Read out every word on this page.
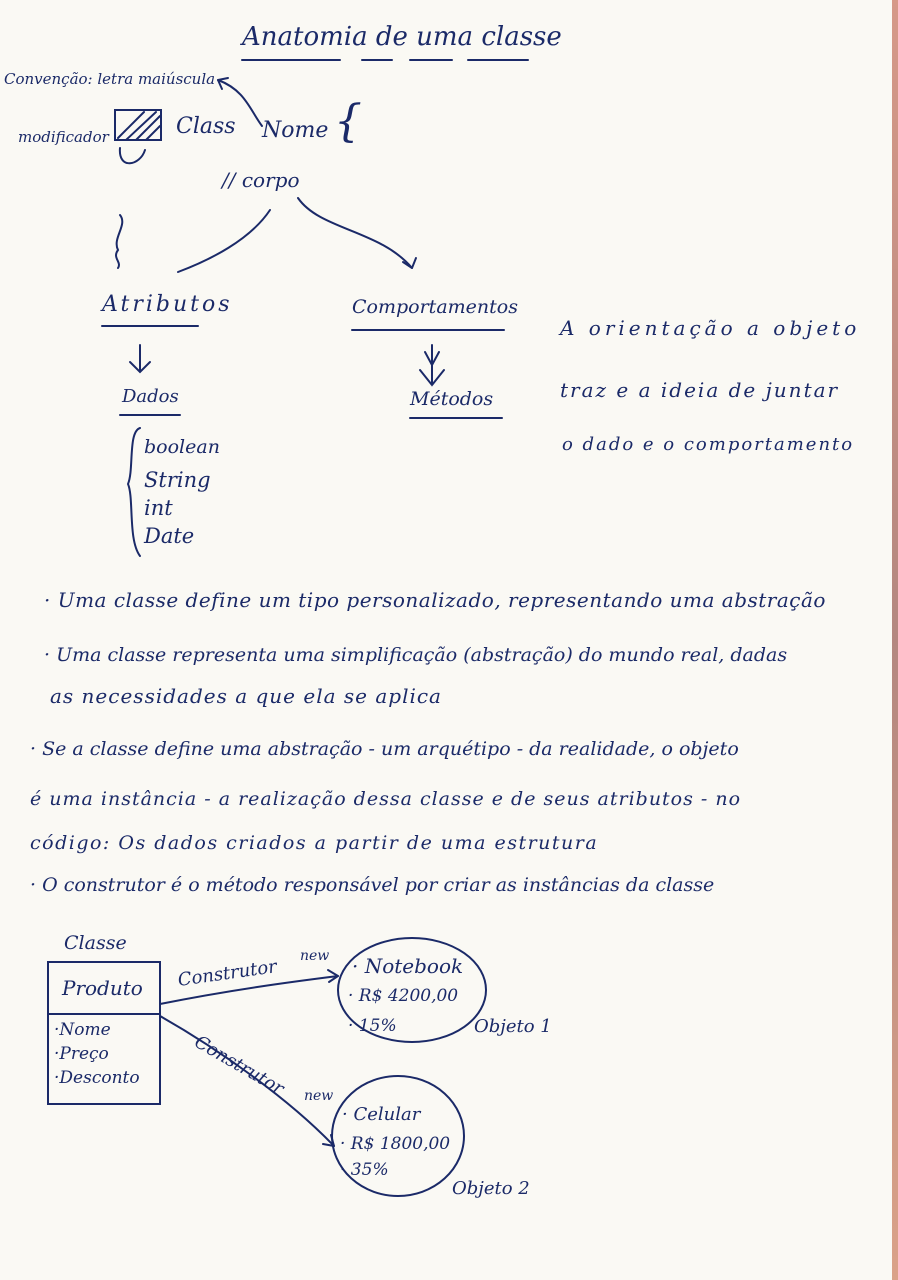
Anatomia de uma classe
Convenção: letra maiúscula
modificador	Class Nome {
// corpo
Atributos
Dados
boolean
String
int
Date
Comportamentos
Métodos
A orientação a objeto
traz e a ideia de juntar
o dado e o comportamento
· Uma classe define um tipo personalizado, representando uma abstração
· Uma classe representa uma simplificação (abstração) do mundo real, dadas
as necessidades a que ela se aplica
· Se a classe define uma abstração - um arquétipo - da realidade, o objeto
é uma instância - a realização dessa classe e de seus atributos - no
código: Os dados criados a partir de uma estrutura
· O construtor é o método responsável por criar as instâncias da classe
Classe
Produto
·Nome
·Preço
·Desconto
Construtor
new
Construtor new
· Notebook
· R$ 4200,00
· 15%	Objeto 1
· Celular
· R$ 1800,00
· 35%
Objeto 2
